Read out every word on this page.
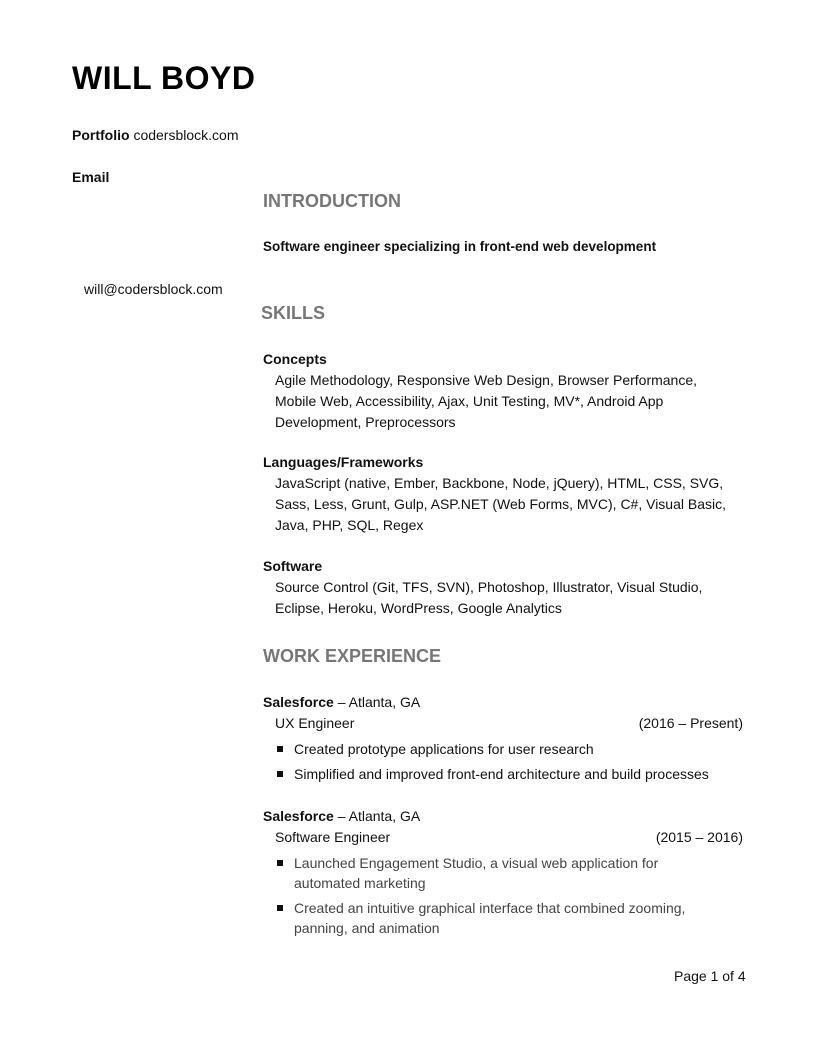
WILL BOYD
Portfolio codersblock.com
Email
will@codersblock.com
INTRODUCTION
Software engineer specializing in front-end web development
SKILLS

Concepts

Agile Methodology, Responsive Web Design, Browser Performance,

Mobile Web, Accessibility, Ajax, Unit Testing, MV*, Android App

Development, Preprocessors

Languages/Frameworks

JavaScript (native, Ember, Backbone, Node, jQuery), HTML, CSS, SVG,

Sass, Less, Grunt, Gulp, ASP.NET (Web Forms, MVC), C#, Visual Basic,

Java, PHP, SQL, Regex

Software

Source Control (Git, TFS, SVN), Photoshop, Illustrator, Visual Studio,

Eclipse, Heroku, WordPress, Google Analytics

WORK EXPERIENCE
Salesforce – Atlanta, GA
UX Engineer	(2016 – Present)
Created prototype applications for user research
Simplified and improved front-end architecture and build processes
Salesforce – Atlanta, GA
Software Engineer	(2015 – 2016)
Launched Engagement Studio, a visual web application for automated marketing
Created an intuitive graphical interface that combined zooming, panning, and animation
Page 1 of 4
